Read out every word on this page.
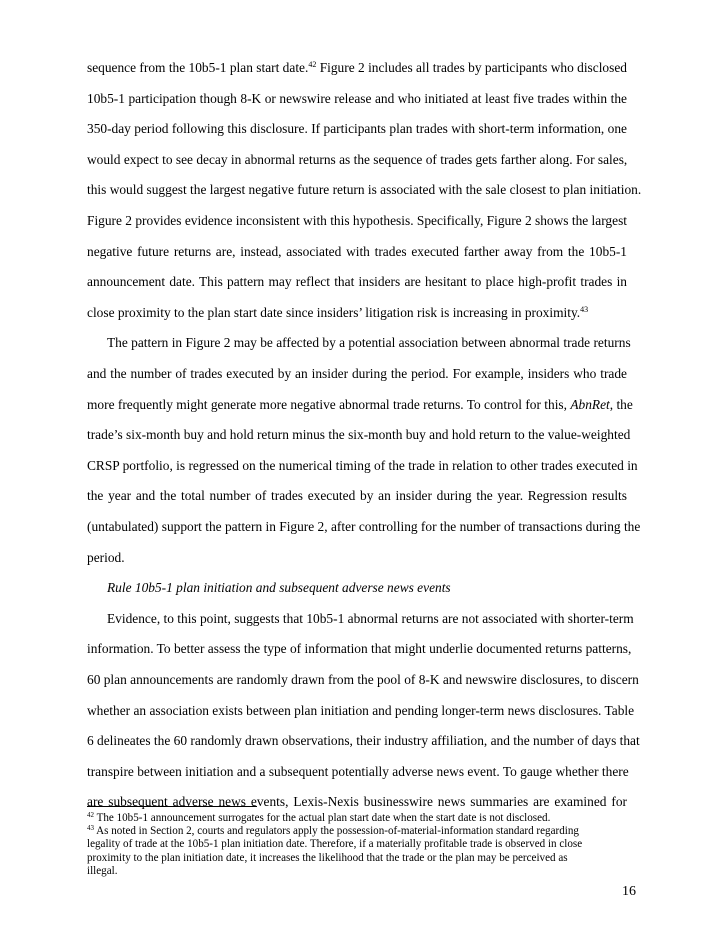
sequence from the 10b5-1 plan start date.$^{42}$ Figure 2 includes all trades by participants who disclosed
10b5-1 participation though 8-K or newswire release and who initiated at least five trades within the
350-day period following this disclosure. If participants plan trades with short-term information, one
would expect to see decay in abnormal returns as the sequence of trades gets farther along. For sales,
this would suggest the largest negative future return is associated with the sale closest to plan initiation.
Figure 2 provides evidence inconsistent with this hypothesis. Specifically, Figure 2 shows the largest
negative future returns are, instead, associated with trades executed farther away from the 10b5-1
announcement date. This pattern may reflect that insiders are hesitant to place high-profit trades in
close proximity to the plan start date since insiders’ litigation risk is increasing in proximity.$^{43}$
The pattern in Figure 2 may be affected by a potential association between abnormal trade returns
and the number of trades executed by an insider during the period. For example, insiders who trade
more frequently might generate more negative abnormal trade returns. To control for this, AbnRet, the
trade’s six-month buy and hold return minus the six-month buy and hold return to the value-weighted
CRSP portfolio, is regressed on the numerical timing of the trade in relation to other trades executed in
the year and the total number of trades executed by an insider during the year. Regression results
(untabulated) support the pattern in Figure 2, after controlling for the number of transactions during the
period.
Rule 10b5-1 plan initiation and subsequent adverse news events
Evidence, to this point, suggests that 10b5-1 abnormal returns are not associated with shorter-term
information. To better assess the type of information that might underlie documented returns patterns,
60 plan announcements are randomly drawn from the pool of 8-K and newswire disclosures, to discern
whether an association exists between plan initiation and pending longer-term news disclosures. Table
6 delineates the 60 randomly drawn observations, their industry affiliation, and the number of days that
transpire between initiation and a subsequent potentially adverse news event. To gauge whether there
are subsequent adverse news events, Lexis-Nexis businesswire news summaries are examined for
$^{42}$ The 10b5-1 announcement surrogates for the actual plan start date when the start date is not disclosed.
$^{43}$ As noted in Section 2, courts and regulators apply the possession-of-material-information standard regarding
legality of trade at the 10b5-1 plan initiation date. Therefore, if a materially profitable trade is observed in close
proximity to the plan initiation date, it increases the likelihood that the trade or the plan may be perceived as
illegal.
16
